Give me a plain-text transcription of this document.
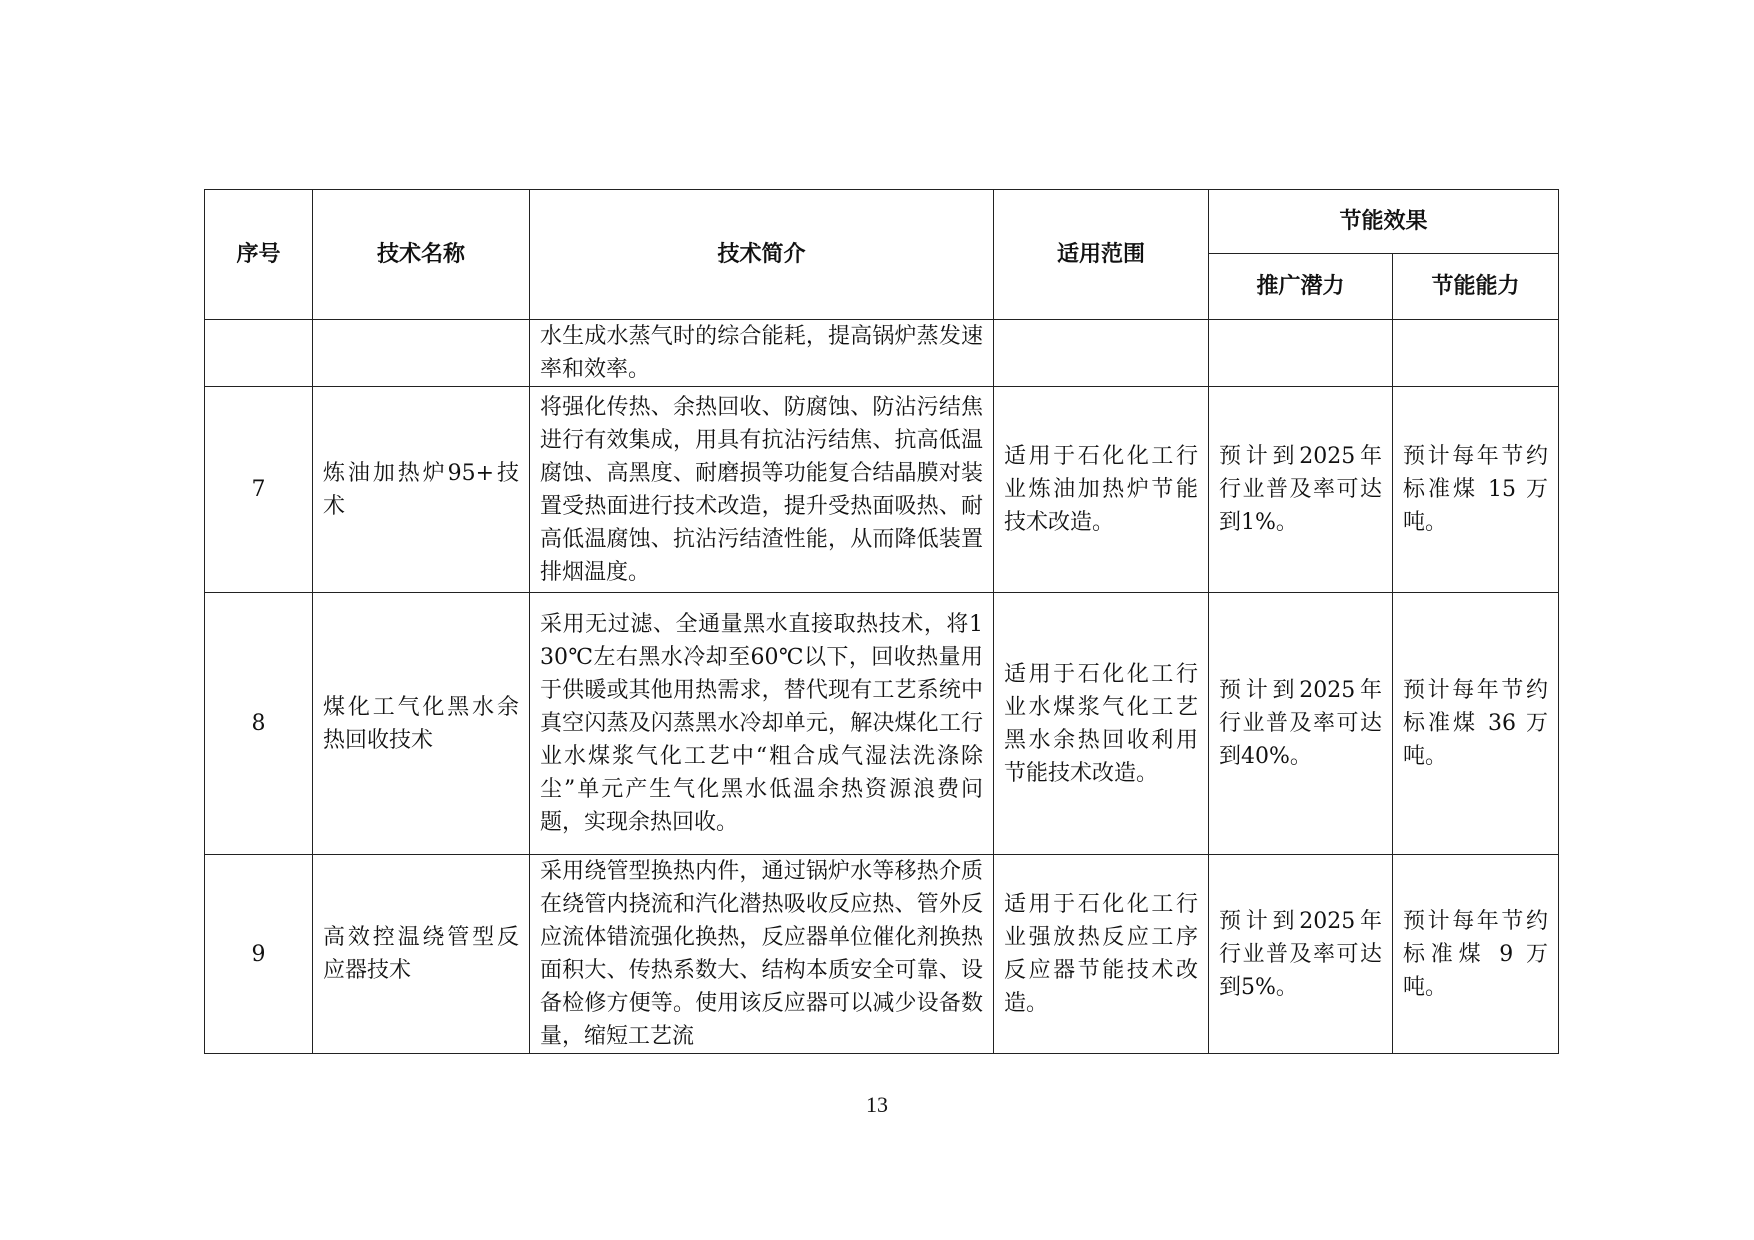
序号	技术名称	技术简介	适用范围	节能效果	
				推广潜力	节能能力

		水生成水蒸气时的综合能耗，提高锅炉蒸发速率和效率。			

7	炼油加热炉95+技术	将强化传热、余热回收、防腐蚀、防沾污结焦进行有效集成，用具有抗沾污结焦、抗高低温腐蚀、高黑度、耐磨损等功能复合结晶膜对装置受热面进行技术改造，提升受热面吸热、耐高低温腐蚀、抗沾污结渣性能，从而降低装置排烟温度。	适用于石化化工行业炼油加热炉节能技术改造。	预计到2025年行业普及率可达到1%。	预计每年节约标准煤 15 万吨。

8	煤化工气化黑水余热回收技术	采用无过滤、全通量黑水直接取热技术，将130℃左右黑水冷却至60℃以下，回收热量用于供暖或其他用热需求，替代现有工艺系统中真空闪蒸及闪蒸黑水冷却单元，解决煤化工行业水煤浆气化工艺中“粗合成气湿法洗涤除尘”单元产生气化黑水低温余热资源浪费问题，实现余热回收。	适用于石化化工行业水煤浆气化工艺黑水余热回收利用节能技术改造。	预计到2025年行业普及率可达到40%。	预计每年节约标准煤 36 万吨。

9	高效控温绕管型反应器技术	采用绕管型换热内件，通过锅炉水等移热介质在绕管内挠流和汽化潜热吸收反应热、管外反应流体错流强化换热，反应器单位催化剂换热面积大、传热系数大、结构本质安全可靠、设备检修方便等。使用该反应器可以减少设备数量，缩短工艺流	适用于石化化工行业强放热反应工序反应器节能技术改造。	预计到2025年行业普及率可达到5%。	预计每年节约标准煤 9 万吨。
13
